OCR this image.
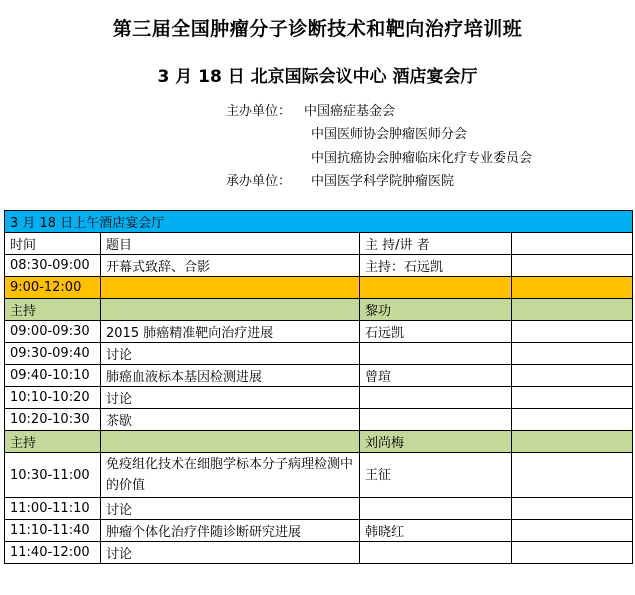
第三届全国肿瘤分子诊断技术和靶向治疗培训班
3 月 18 日 北京国际会议中心 酒店宴会厅
主办单位： 中国癌症基金会
中国医师协会肿瘤医师分会
中国抗癌协会肿瘤临床化疗专业委员会
承办单位： 中国医学科学院肿瘤医院
3 月 18 日上午酒店宴会厅			
时间	题目	主 持/讲 者	
08:30-09:00	开幕式致辞、合影	主持：石远凯	
9:00-12:00			
主持		黎功	
09:00-09:30	2015 肺癌精准靶向治疗进展	石远凯	
09:30-09:40	讨论		
09:40-10:10	肺癌血液标本基因检测进展	曾瑄	
10:10-10:20	讨论		
10:20-10:30	茶歇		
主持		刘尚梅	
10:30-11:00	免疫组化技术在细胞学标本分子病理检测中的价值	王征	
11:00-11:10	讨论		
11:10-11:40	肿瘤个体化治疗伴随诊断研究进展	韩晓红	
11:40-12:00	讨论		
